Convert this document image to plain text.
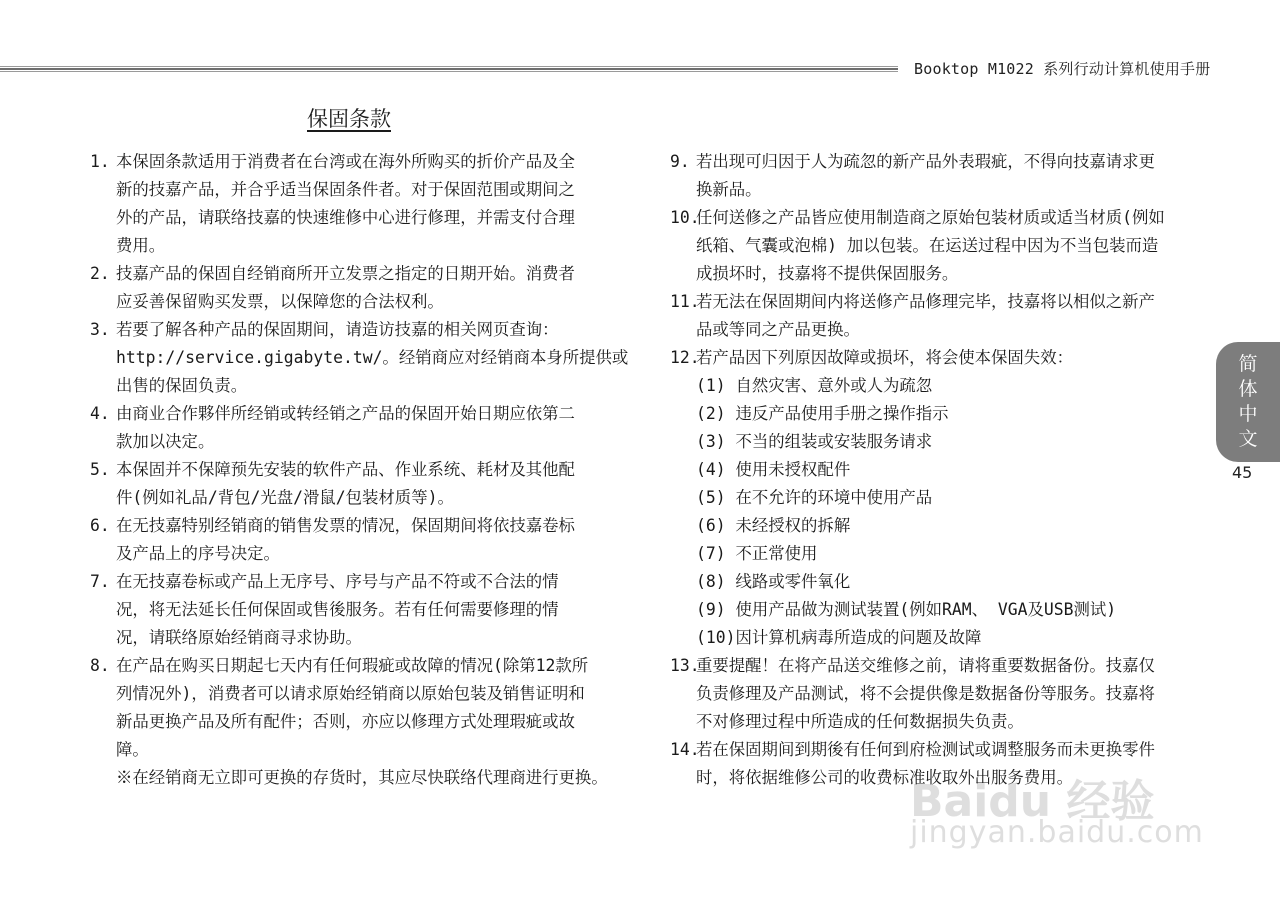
Booktop M1022 系列行动计算机使用手册
保固条款
1. 本保固条款适用于消费者在台湾或在海外所购买的折价产品及全
新的技嘉产品，并合乎适当保固条件者。对于保固范围或期间之
外的产品，请联络技嘉的快速维修中心进行修理，并需支付合理
费用。
2. 技嘉产品的保固自经销商所开立发票之指定的日期开始。消费者
应妥善保留购买发票，以保障您的合法权利。
3. 若要了解各种产品的保固期间，请造访技嘉的相关网页查询：
http://service.gigabyte.tw/。经销商应对经销商本身所提供或
出售的保固负责。
4. 由商业合作夥伴所经销或转经销之产品的保固开始日期应依第二
款加以决定。
5. 本保固并不保障预先安装的软件产品、作业系统、耗材及其他配
件(例如礼品/背包/光盘/滑鼠/包装材质等)。
6. 在无技嘉特别经销商的销售发票的情况，保固期间将依技嘉卷标
及产品上的序号决定。
7. 在无技嘉卷标或产品上无序号、序号与产品不符或不合法的情
况，将无法延长任何保固或售後服务。若有任何需要修理的情
况，请联络原始经销商寻求协助。
8. 在产品在购买日期起七天内有任何瑕疵或故障的情况(除第12款所
列情况外)，消费者可以请求原始经销商以原始包装及销售证明和
新品更换产品及所有配件；否则，亦应以修理方式处理瑕疵或故
障。
※在经销商无立即可更换的存货时，其应尽快联络代理商进行更换。
9. 若出现可归因于人为疏忽的新产品外表瑕疵，不得向技嘉请求更
换新品。
10.
任何送修之产品皆应使用制造商之原始包装材质或适当材质(例如
纸箱、气囊或泡棉) 加以包装。在运送过程中因为不当包装而造
成损坏时，技嘉将不提供保固服务。
11.
若无法在保固期间内将送修产品修理完毕，技嘉将以相似之新产
品或等同之产品更换。
12.
若产品因下列原因故障或损坏，将会使本保固失效：
(1) 自然灾害、意外或人为疏忽
(2) 违反产品使用手册之操作指示
(3) 不当的组装或安装服务请求
(4) 使用未授权配件
(5) 在不允许的环境中使用产品
(6) 未经授权的拆解
(7) 不正常使用
(8) 线路或零件氧化
(9) 使用产品做为测试装置(例如RAM、 VGA及USB测试)
(10)因计算机病毒所造成的问题及故障
13.
重要提醒！在将产品送交维修之前，请将重要数据备份。技嘉仅
负责修理及产品测试，将不会提供像是数据备份等服务。技嘉将
不对修理过程中所造成的任何数据损失负责。
14.
若在保固期间到期後有任何到府检测试或调整服务而未更换零件
时，将依据维修公司的收费标准收取外出服务费用。
简
体
中
文
45
Baidu 经验
jingyan.baidu.com
